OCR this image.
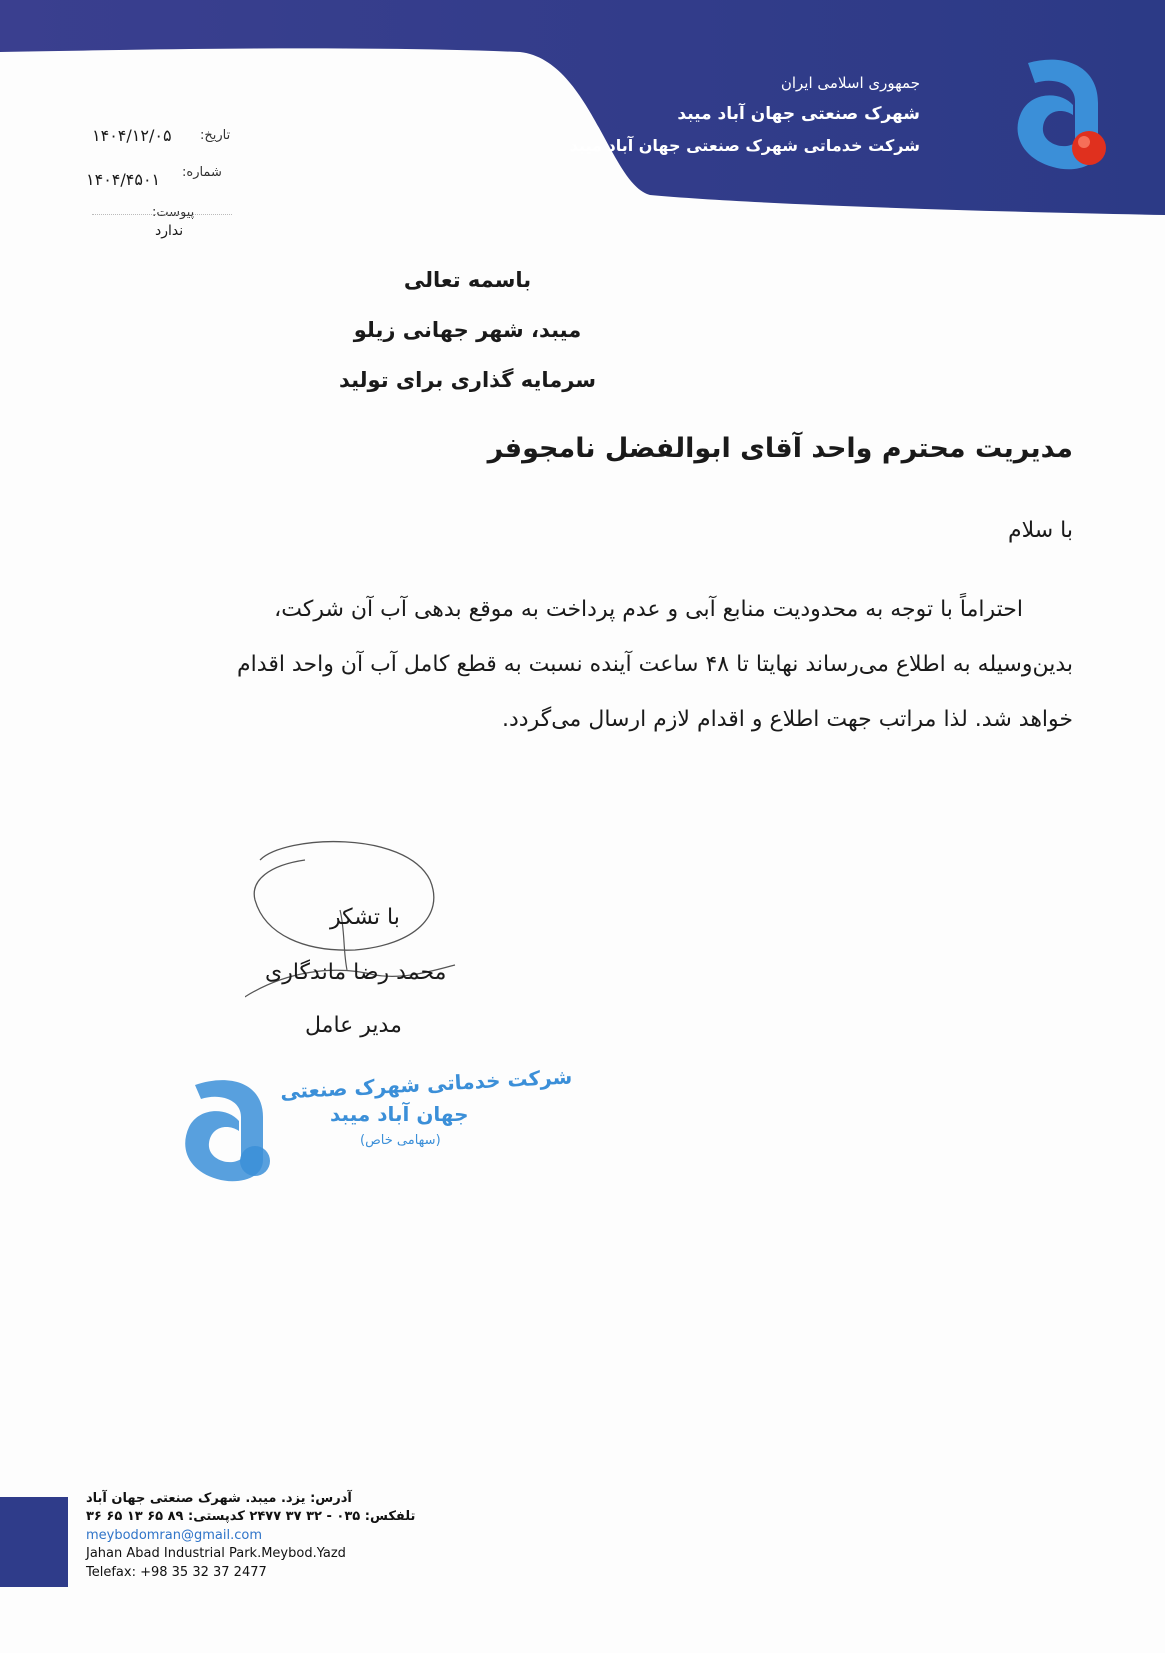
جمهوری اسلامی ایران
شهرک صنعتی جهان آباد میبد
شرکت خدماتی شهرک صنعتی جهان آباد میبد
تاریخ:
۱۴۰۴/۱۲/۰۵
شماره:
۱۴۰۴/۴۵۰۱
پیوست:
ندارد
باسمه تعالی
میبد، شهر جهانی زیلو
سرمایه گذاری برای تولید
مدیریت محترم واحد آقای ابوالفضل نامجوفر
با سلام
احتراماً با توجه به محدودیت منابع آبی و عدم پرداخت به موقع بدهی آب آن شرکت،
بدین‌وسیله به اطلاع می‌رساند نهایتا تا ۴۸ ساعت آینده نسبت به قطع کامل آب آن واحد اقدام
خواهد شد. لذا مراتب جهت اطلاع و اقدام لازم ارسال می‌گردد.
با تشکر
محمد رضا ماندگاری
مدیر عامل
شرکت خدماتی شهرک صنعتی
جهان آباد میبد
(سهامی خاص)
آدرس: یزد. میبد. شهرک صنعتی جهان آباد
تلفکس: ۰۳۵ - ۳۲ ۳۷ ۲۴۷۷ کدپستی: ۸۹ ۶۵ ۱۳ ۶۵ ۳۶
meybodomran@gmail.com
Jahan Abad Industrial Park.Meybod.Yazd
Telefax: +98 35 32 37 2477
